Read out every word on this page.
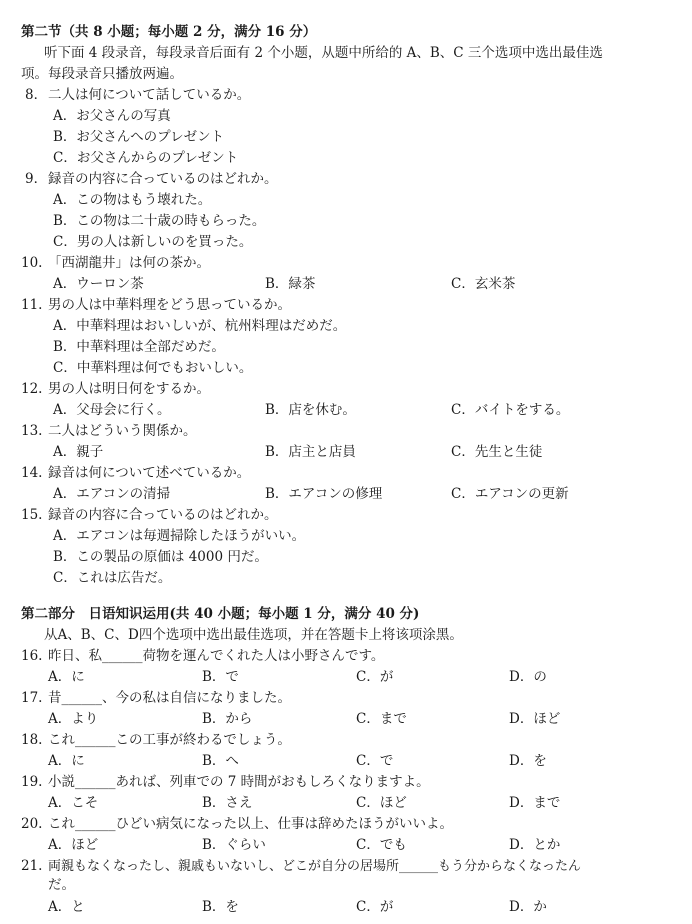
第二节（共 8 小题；每小题 2 分，满分 16 分）
听下面 4 段录音，每段录音后面有 2 个小题，从题中所给的 A、B、C 三个选项中选出最佳选
项。每段录音只播放两遍。
8． 二人は何について話しているか。
A．お父さんの写真
B．お父さんへのプレゼント
C．お父さんからのプレゼント
9． 録音の内容に合っているのはどれか。
A．この物はもう壊れた。
B．この物は二十歳の時もらった。
C．男の人は新しいのを買った。
10. 「西湖龍井」は何の茶か。
A．ウーロン茶	B．緑茶	C．玄米茶
11. 男の人は中華料理をどう思っているか。
A．中華料理はおいしいが、杭州料理はだめだ。
B．中華料理は全部だめだ。
C．中華料理は何でもおいしい。
12. 男の人は明日何をするか。
A．父母会に行く。	B．店を休む。	C．バイトをする。
13. 二人はどういう関係か。
A．親子	B．店主と店員	C．先生と生徒
14. 録音は何について述べているか。
A．エアコンの清掃	B．エアコンの修理	C．エアコンの更新
15. 録音の内容に合っているのはどれか。
A．エアコンは毎週掃除したほうがいい。
B．この製品の原価は 4000 円だ。
C．これは広告だ。
第二部分　日语知识运用(共 40 小题；每小题 1 分，满分 40 分)
从A、B、C、D四个选项中选出最佳选项，并在答题卡上将该项涂黑。
16. 昨日、私______荷物を運んでくれた人は小野さんです。
A．に	B．で	C．が	D．の
17. 昔______、今の私は自信になりました。
A．より	B．から	C．まで	D．ほど
18. これ______この工事が終わるでしょう。
A．に	B．へ	C．で	D．を
19. 小説______あれば、列車での 7 時間がおもしろくなりますよ。
A．こそ	B．さえ	C．ほど	D．まで
20. これ______ひどい病気になった以上、仕事は辞めたほうがいいよ。
A．ほど	B．ぐらい	C．でも	D．とか
21. 両親もなくなったし、親戚もいないし、どこが自分の居場所______もう分からなくなったん
だ。
A．と	B．を	C．が	D．か
